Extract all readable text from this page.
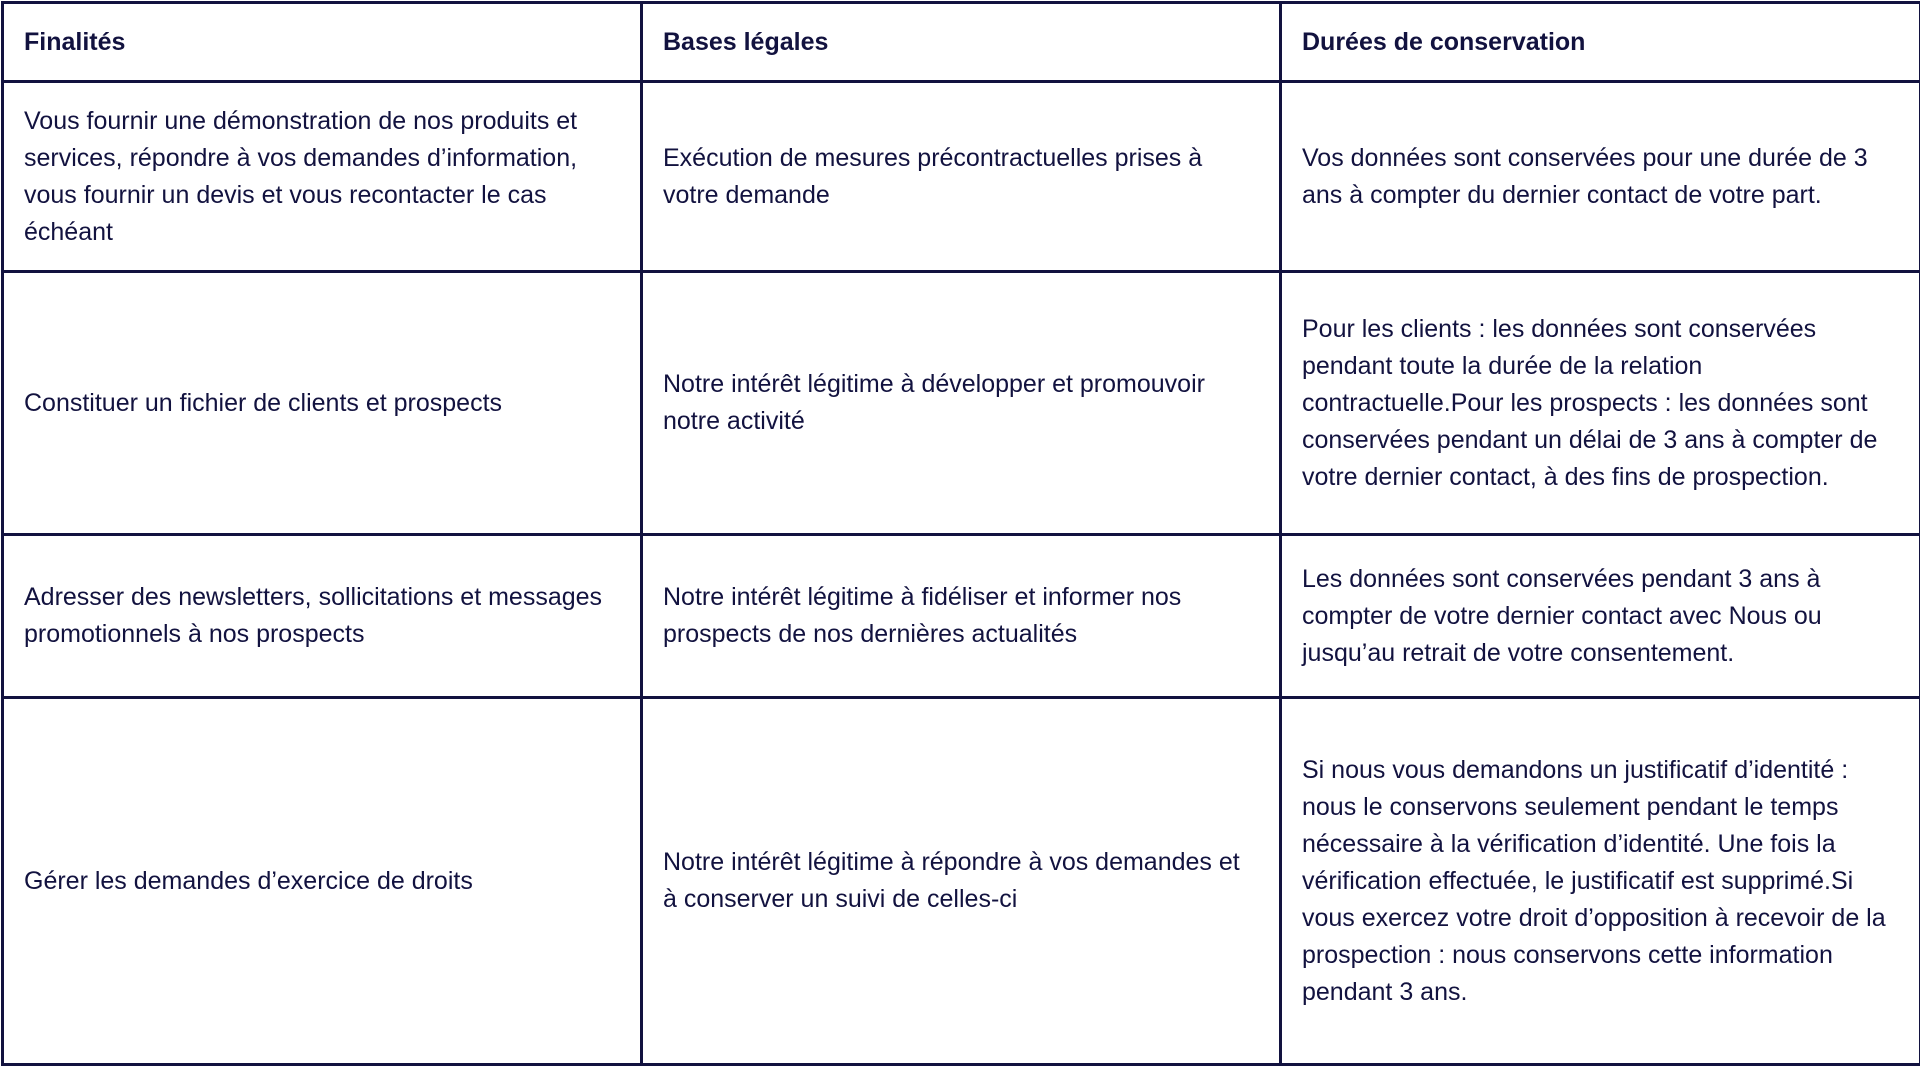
Finalités	Bases légales	Durées de conservation
Vous fournir une démonstration de nos produits et services, répondre à vos demandes d’information, vous fournir un devis et vous recontacter le cas échéant	Exécution de mesures précontractuelles prises à votre demande	Vos données sont conservées pour une durée de 3 ans à compter du dernier contact de votre part.
Constituer un fichier de clients et prospects	Notre intérêt légitime à développer et promouvoir notre activité	Pour les clients : les données sont conservées pendant toute la durée de la relation contractuelle.Pour les prospects : les données sont conservées pendant un délai de 3 ans à compter de votre dernier contact, à des fins de prospection.
Adresser des newsletters, sollicitations et messages promotionnels à nos prospects	Notre intérêt légitime à fidéliser et informer nos prospects de nos dernières actualités	Les données sont conservées pendant 3 ans à compter de votre dernier contact avec Nous ou jusqu’au retrait de votre consentement.
Gérer les demandes d’exercice de droits	Notre intérêt légitime à répondre à vos demandes et à conserver un suivi de celles-ci	Si nous vous demandons un justificatif d’identité : nous le conservons seulement pendant le temps nécessaire à la vérification d’identité. Une fois la vérification effectuée, le justificatif est supprimé.Si vous exercez votre droit d’opposition à recevoir de la prospection : nous conservons cette information pendant 3 ans.
